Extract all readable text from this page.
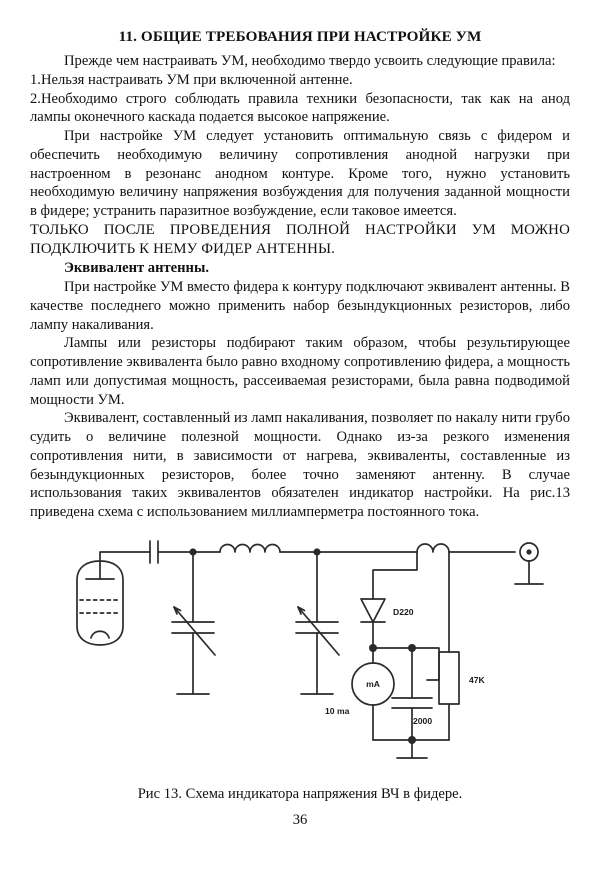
11. ОБЩИЕ ТРЕБОВАНИЯ ПРИ НАСТРОЙКЕ УМ

Прежде чем настраивать УМ, необходимо твердо усвоить следующие правила:

1.Нельзя настраивать УМ при включенной антенне.

2.Необходимо строго соблюдать правила техники безопасности, так как на анод лампы оконечного каскада подается высокое напряжение.

При настройке УМ следует установить оптимальную связь с фидером и обеспечить необходимую величину сопротивления анодной нагрузки при настроенном в резонанс анодном контуре. Кроме того, нужно установить необходимую величину напряжения возбуждения для получения заданной мощности в фидере; устранить паразитное возбуждение, если таковое имеется.

ТОЛЬКО ПОСЛЕ ПРОВЕДЕНИЯ ПОЛНОЙ НАСТРОЙКИ УМ МОЖНО ПОДКЛЮЧИТЬ К НЕМУ ФИДЕР АНТЕННЫ.

Эквивалент антенны.

При настройке УМ вместо фидера к контуру подключают эквивалент антенны. В качестве последнего можно применить набор безындукционных резисторов, либо лампу накаливания.

Лампы или резисторы подбирают таким образом, чтобы результирующее сопротивление эквивалента было равно входному сопротивлению фидера, а мощность ламп или допустимая мощность, рассеиваемая резисторами, была равна подводимой мощности УМ.

Эквивалент, составленный из ламп накаливания, позволяет по накалу нити грубо судить о величине полезной мощности. Однако из-за резкого изменения сопротивления нити, в зависимости от нагрева, эквиваленты, составленные из безындукционных резисторов, более точно заменяют антенну. В случае использования таких эквивалентов обязателен индикатор настройки. На рис.13 приведена схема с использованием миллиамперметра постоянного тока.

D220
mA
10 ma
47K
2000
Рис 13. Схема индикатора напряжения ВЧ в фидере.
36
